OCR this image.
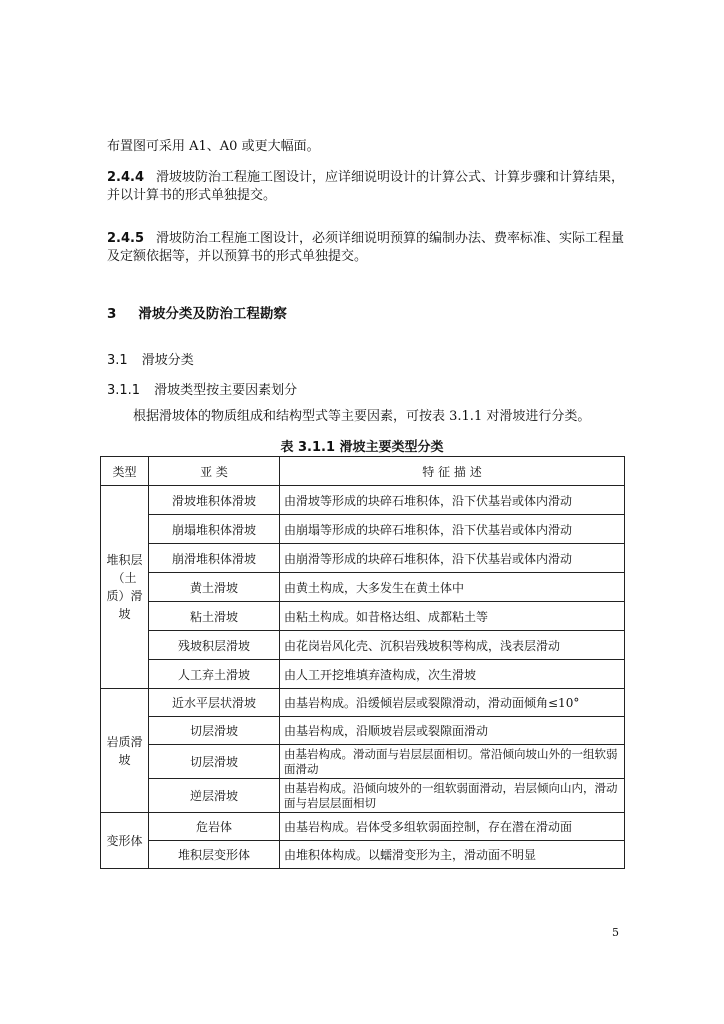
布置图可采用 A1、A0 或更大幅面。
2.4.4 滑坡坡防治工程施工图设计，应详细说明设计的计算公式、计算步骤和计算结果，并以计算书的形式单独提交。
2.4.5 滑坡防治工程施工图设计，必须详细说明预算的编制办法、费率标准、实际工程量及定额依据等，并以预算书的形式单独提交。
3 滑坡分类及防治工程勘察
3.1 滑坡分类
3.1.1 滑坡类型按主要因素划分
根据滑坡体的物质组成和结构型式等主要因素，可按表 3.1.1 对滑坡进行分类。
表 3.1.1 滑坡主要类型分类
类型	亚 类	特 征 描 述
堆积层（土质）滑坡	滑坡堆积体滑坡	由滑坡等形成的块碎石堆积体，沿下伏基岩或体内滑动
	崩塌堆积体滑坡	由崩塌等形成的块碎石堆积体，沿下伏基岩或体内滑动
	崩滑堆积体滑坡	由崩滑等形成的块碎石堆积体，沿下伏基岩或体内滑动
	黄土滑坡	由黄土构成，大多发生在黄土体中
	粘土滑坡	由粘土构成。如昔格达组、成都粘土等
	残坡积层滑坡	由花岗岩风化壳、沉积岩残坡积等构成，浅表层滑动
	人工弃土滑坡	由人工开挖堆填弃渣构成，次生滑坡
岩质滑坡	近水平层状滑坡	由基岩构成。沿缓倾岩层或裂隙滑动，滑动面倾角≤10°
	切层滑坡	由基岩构成，沿顺坡岩层或裂隙面滑动
	切层滑坡	由基岩构成。滑动面与岩层层面相切。常沿倾向坡山外的一组软弱面滑动
	逆层滑坡	由基岩构成。沿倾向坡外的一组软弱面滑动，岩层倾向山内，滑动面与岩层层面相切
变形体	危岩体	由基岩构成。岩体受多组软弱面控制，存在潜在滑动面
	堆积层变形体	由堆积体构成。以蠕滑变形为主，滑动面不明显
5
